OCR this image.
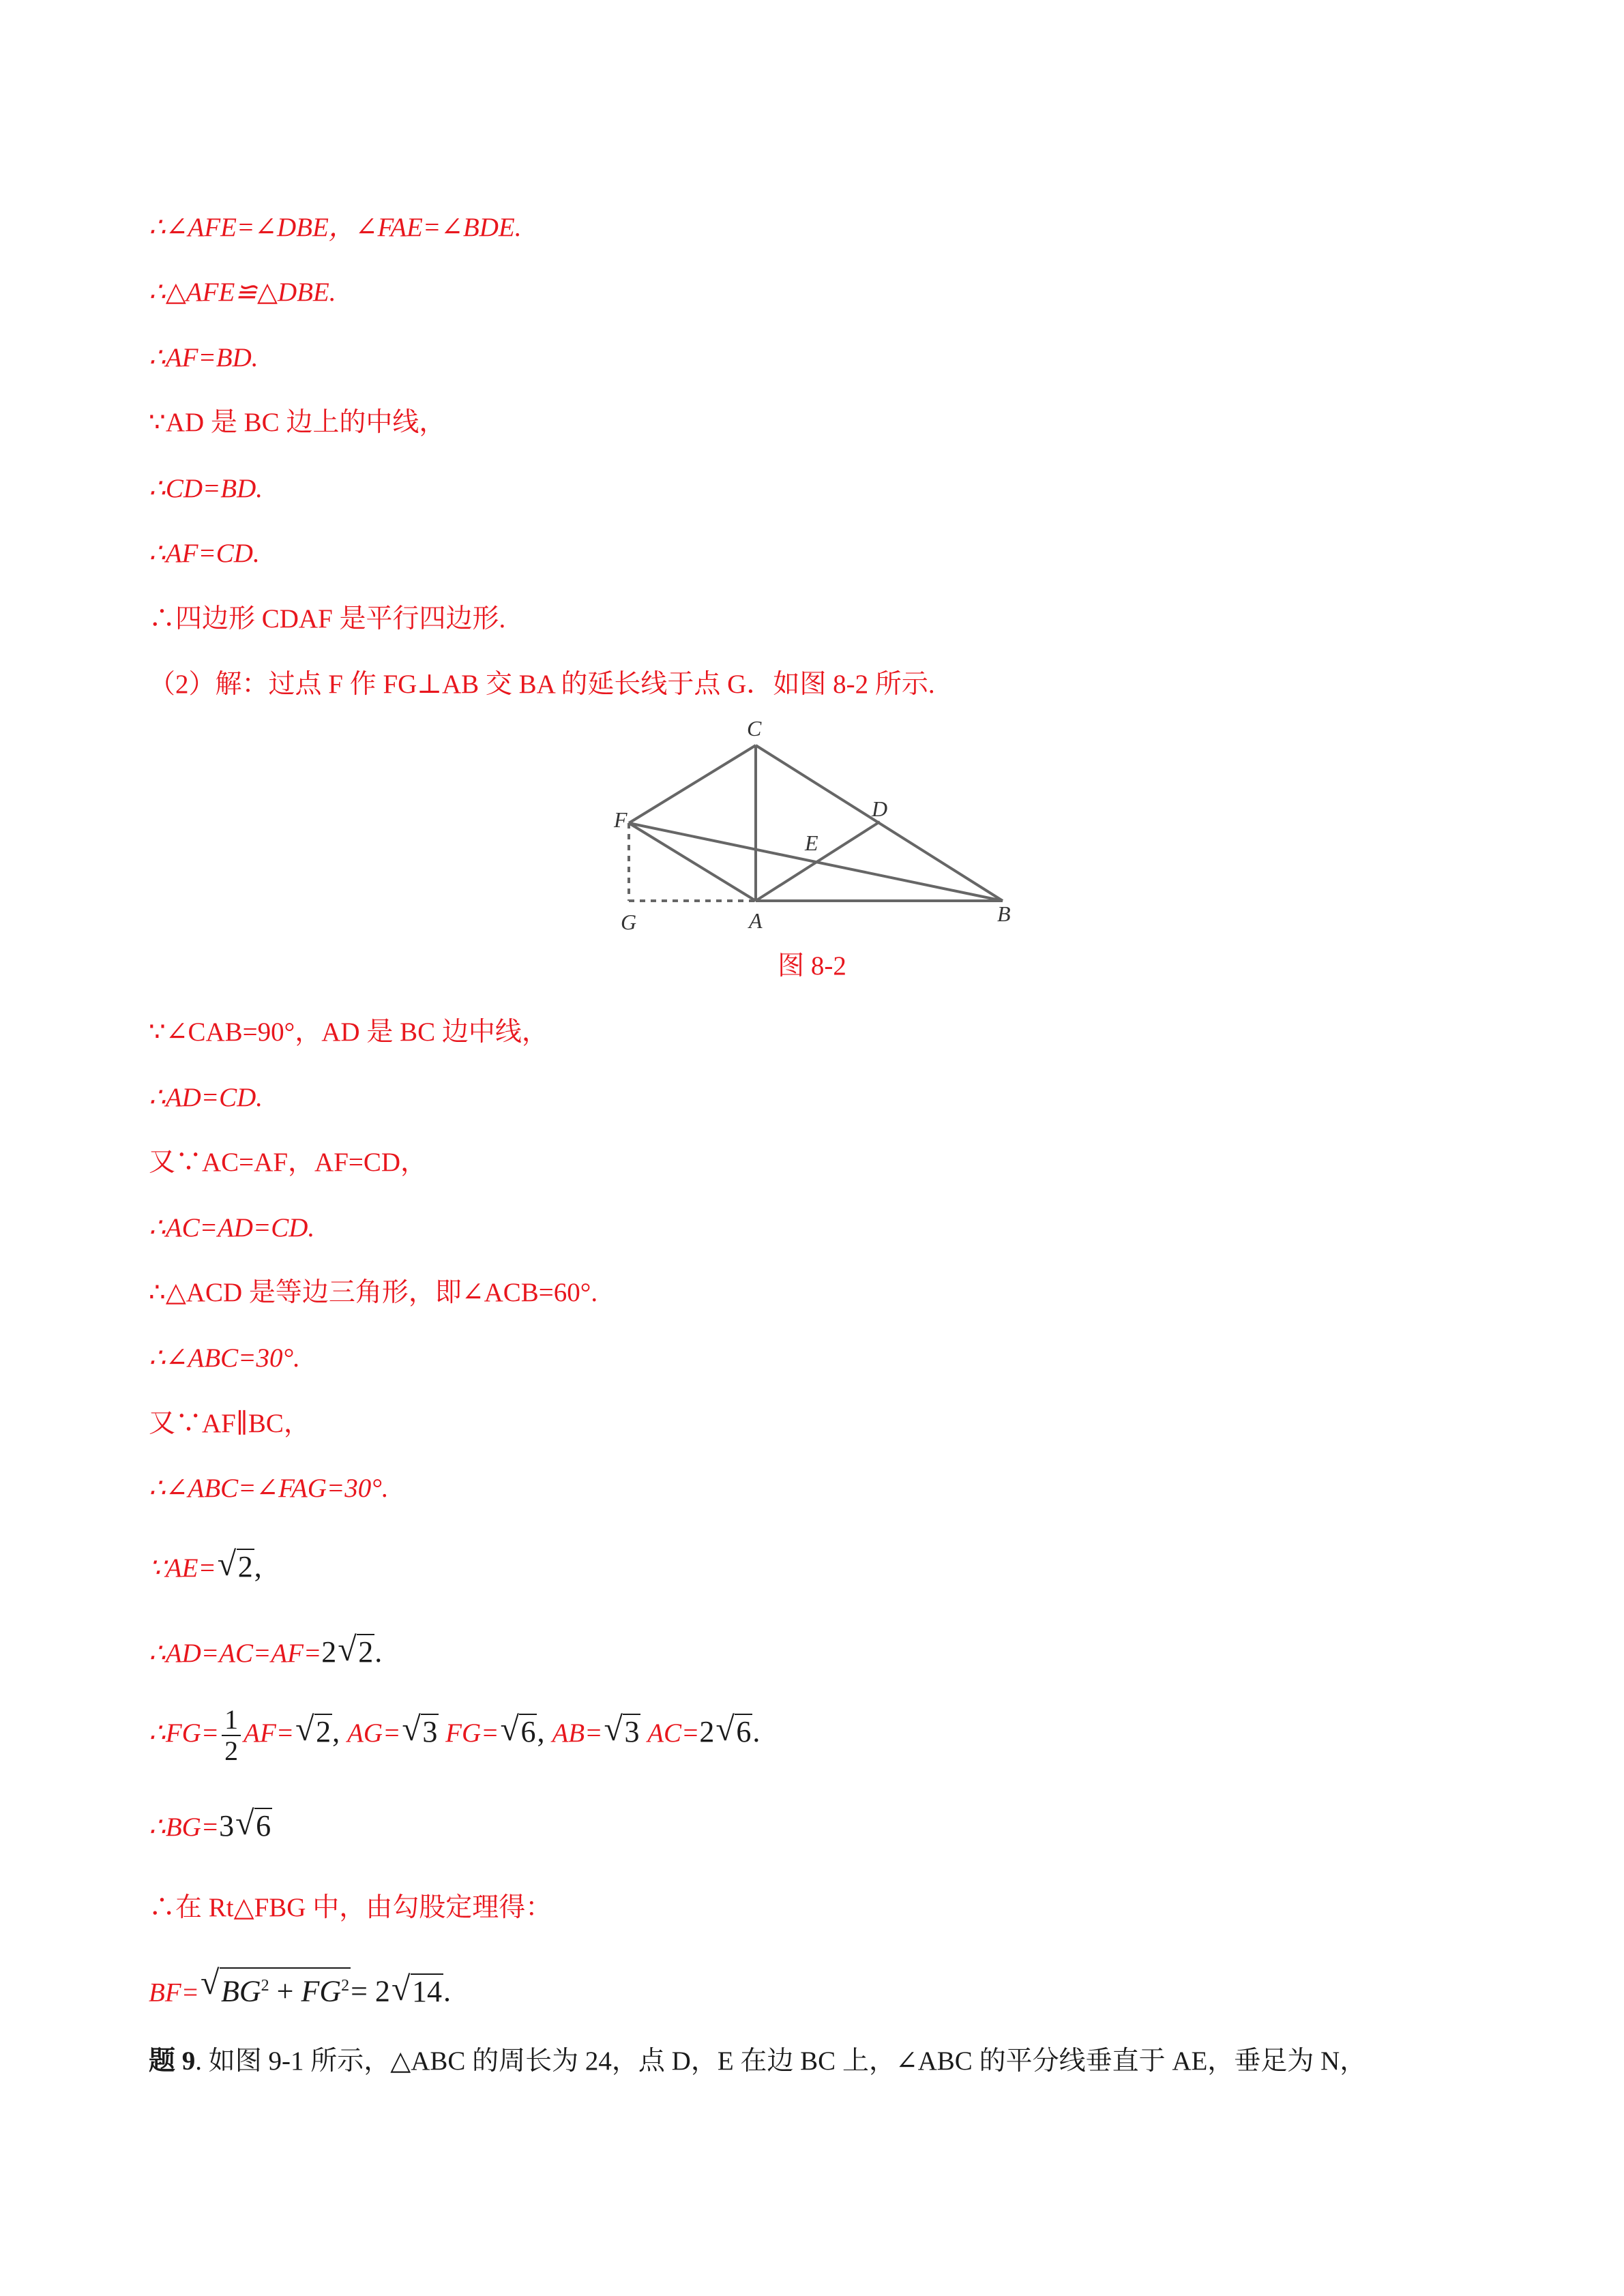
∴∠AFE=∠DBE，∠FAE=∠BDE.
∴△AFE≌△DBE.
∴AF=BD.
∵AD 是 BC 边上的中线，
∴CD=BD.
∴AF=CD.
∴四边形 CDAF 是平行四边形.
（2）解：过点 F 作 FG⊥AB 交 BA 的延长线于点 G．如图 8-2 所示.
C
D
E
F
G	A	B
图 8-2
∵∠CAB=90°，AD 是 BC 边中线，
∴AD=CD.
又∵AC=AF，AF=CD，
∴AC=AD=CD.
∴△ACD 是等边三角形，即∠ACB=60°.
∴∠ABC=30°.
又∵AF∥BC，
∴∠ABC=∠FAG=30°.
∵AE= √ 2,
∴AD=AC=AF=2 √ 2.
∴FG= $\frac{1}{2} AF=$ √ 2, AG= √ 3 FG= √ 6, AB= √ 3 AC=2 √ 6.
∴BG=3 √ 6
∴在 Rt△FBG 中，由勾股定理得：
BF= √ $BG^2 + FG^2= 2$ √ 14.
题 9. 如图 9-1 所示，△ABC 的周长为 24，点 D，E 在边 BC 上，∠ABC 的平分线垂直于 AE，垂足为 N，
